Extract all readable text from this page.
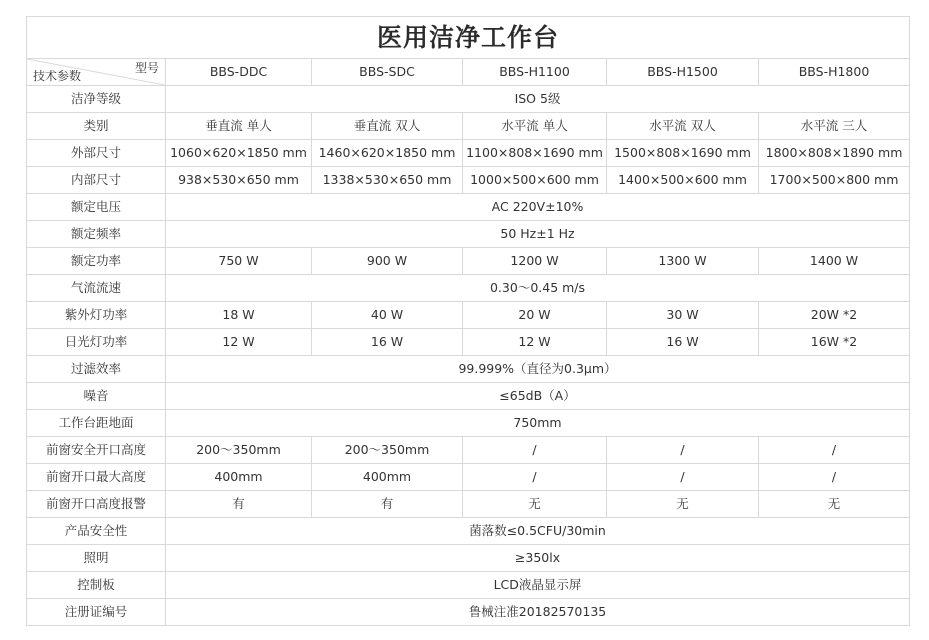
医用洁净工作台					

型号
技术参数	BBS-DDC	BBS-SDC	BBS-H1100	BBS-H1500	BBS-H1800
洁净等级	ISO 5级				
类别	垂直流 单人	垂直流 双人	水平流 单人	水平流 双人	水平流 三人
外部尺寸	1060×620×1850 mm	1460×620×1850 mm	1100×808×1690 mm	1500×808×1690 mm	1800×808×1890 mm
内部尺寸	938×530×650 mm	1338×530×650 mm	1000×500×600 mm	1400×500×600 mm	1700×500×800 mm
额定电压	AC 220V±10%				
额定频率	50 Hz±1 Hz				
额定功率	750 W	900 W	1200 W	1300 W	1400 W
气流流速	0.30～0.45 m/s				
紫外灯功率	18 W	40 W	20 W	30 W	20W *2
日光灯功率	12 W	16 W	12 W	16 W	16W *2
过滤效率	99.999%（直径为0.3μm）				
噪音	≤65dB（A）				
工作台距地面	750mm				
前窗安全开口高度	200～350mm	200～350mm	/	/	/
前窗开口最大高度	400mm	400mm	/	/	/
前窗开口高度报警	有	有	无	无	无
产品安全性	菌落数≤0.5CFU/30min				
照明	≥350lx				
控制板	LCD液晶显示屏				
注册证编号	鲁械注准20182570135				
